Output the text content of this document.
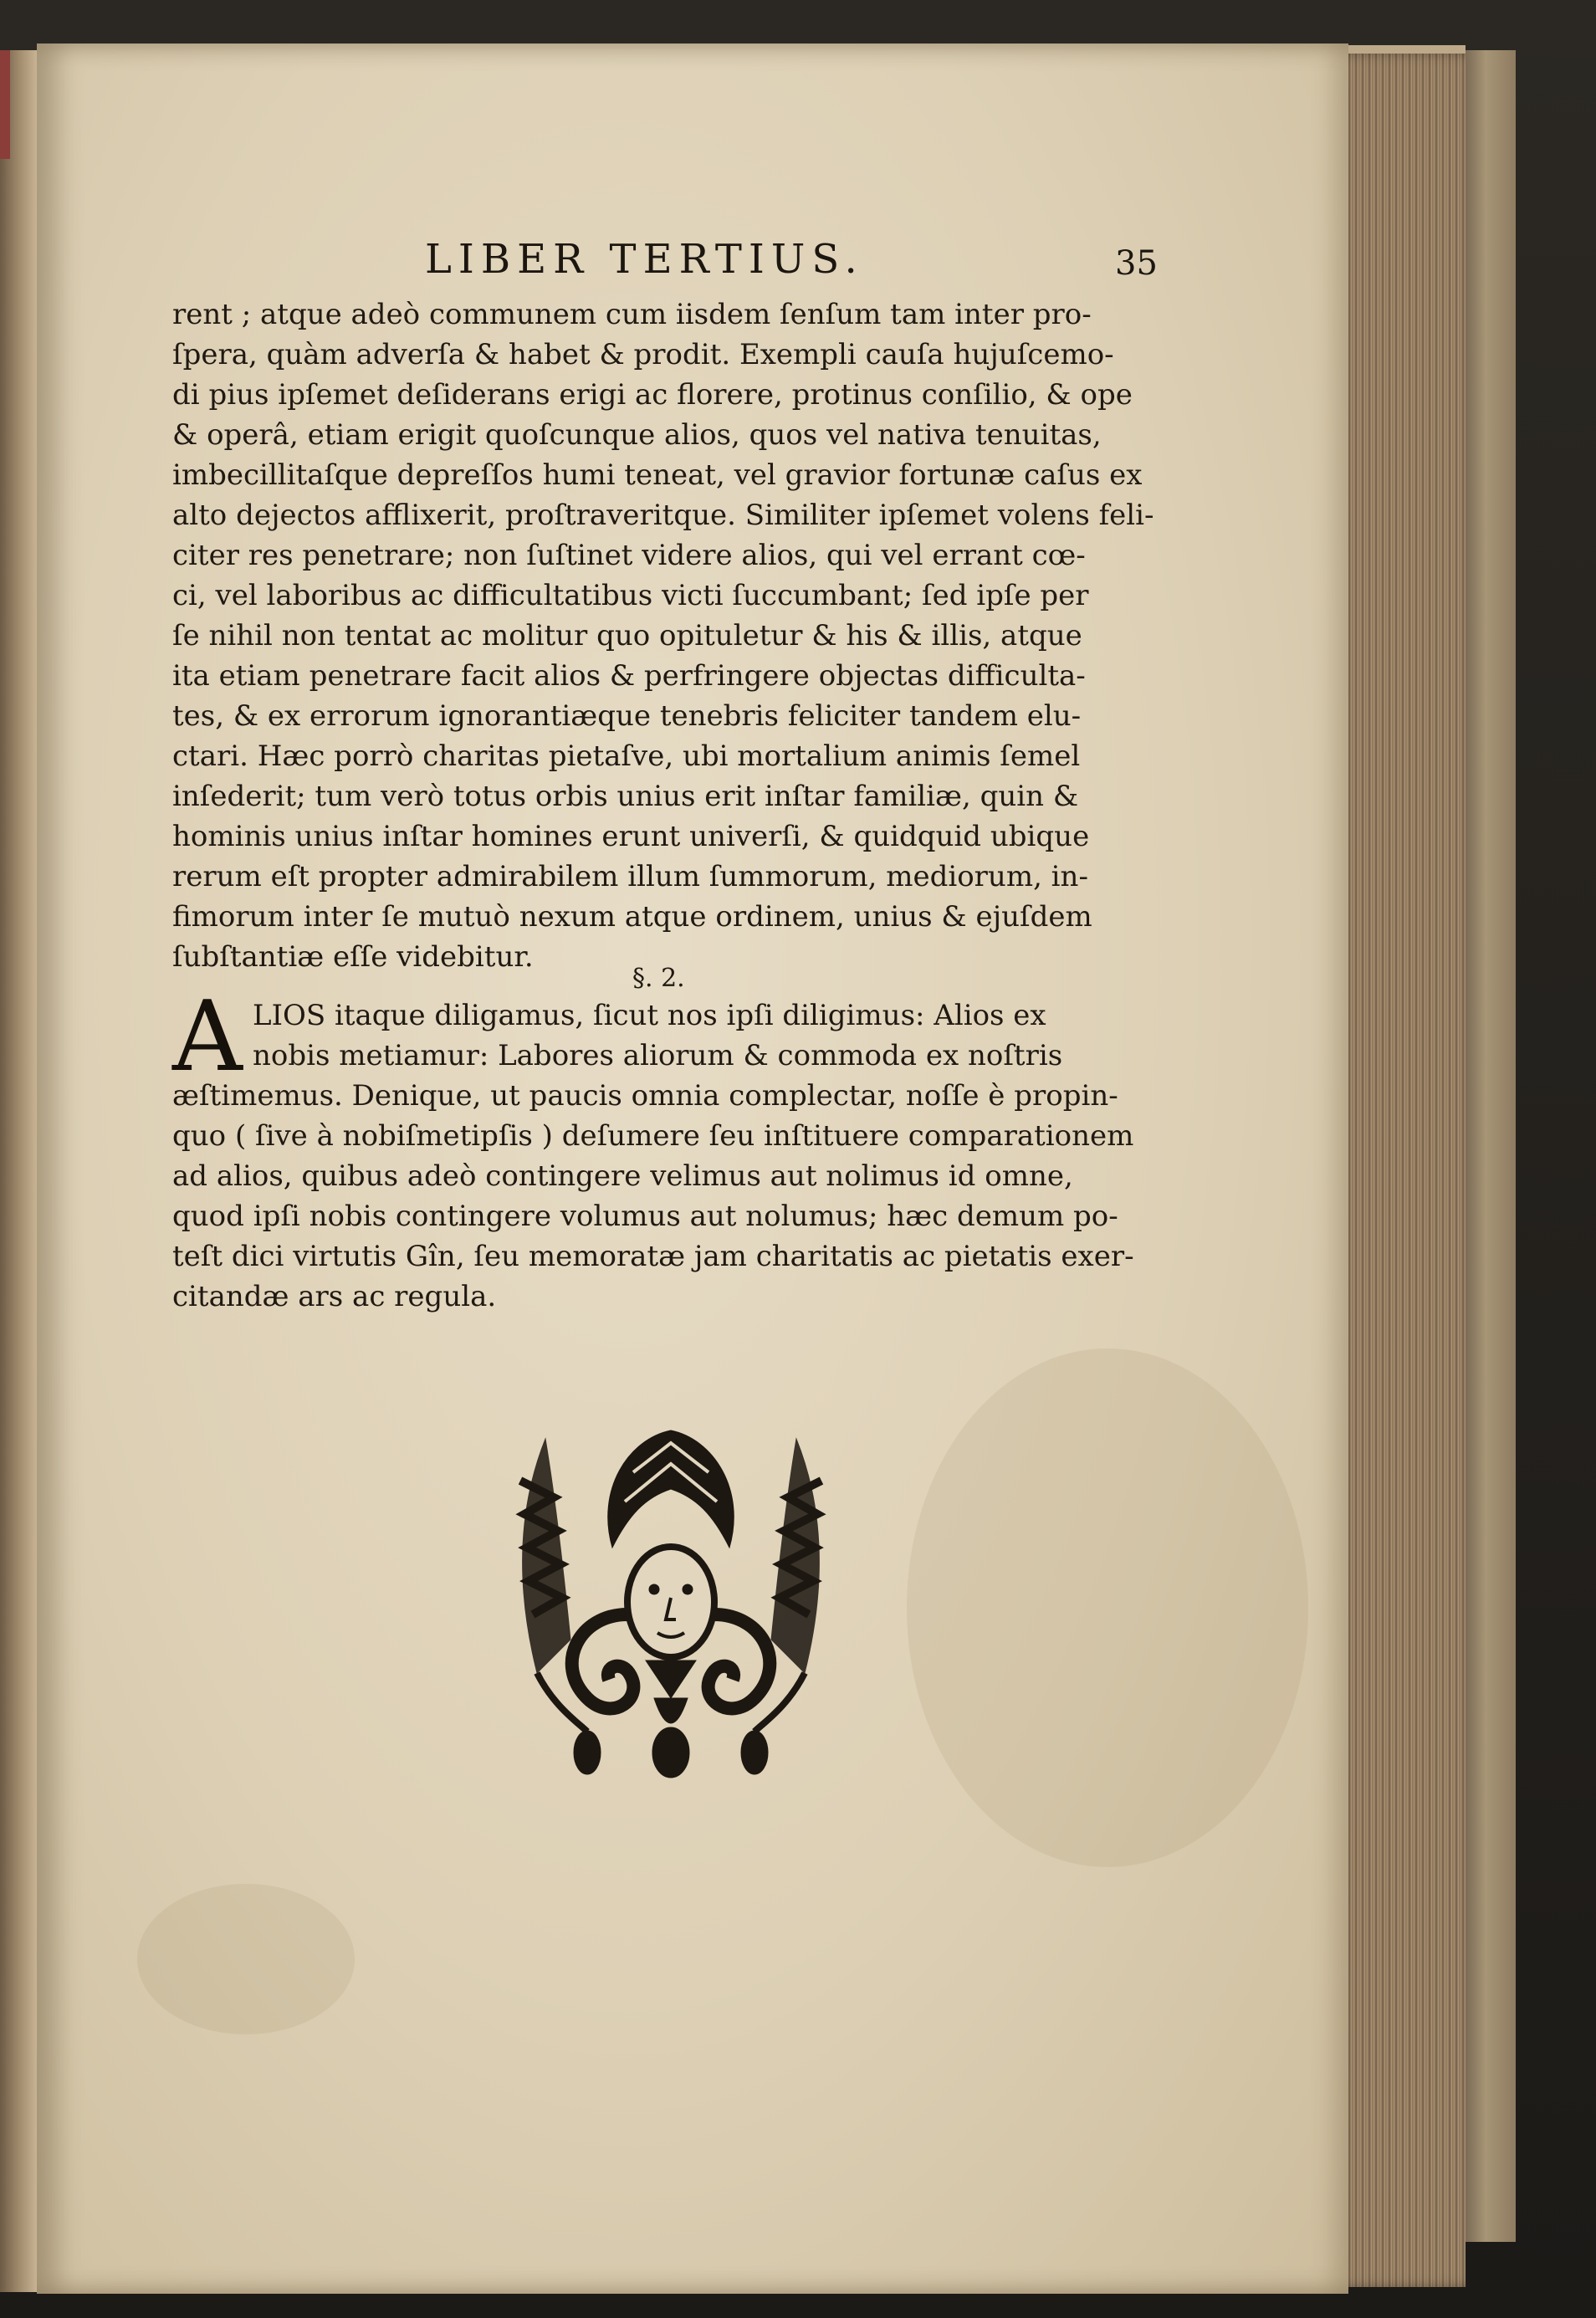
LIBER TERTIUS.	35
rent ; atque adeò communem cum iisdem ſenſum tam inter pro-
ſpera, quàm adverſa & habet & prodit. Exempli cauſa hujuſcemo-
di pius ipſemet deſiderans erigi ac florere, protinus conſilio, & ope
& operâ, etiam erigit quoſcunque alios, quos vel nativa tenuitas,
imbecillitaſque depreſſos humi teneat, vel gravior fortunæ caſus ex
alto dejectos afflixerit, proſtraveritque. Similiter ipſemet volens feli-
citer res penetrare; non ſuſtinet videre alios, qui vel errant cœ-
ci, vel laboribus ac difficultatibus victi ſuccumbant; ſed ipſe per
ſe nihil non tentat ac molitur quo opituletur & his & illis, atque
ita etiam penetrare facit alios & perfringere objectas difficulta-
tes, & ex errorum ignorantiæque tenebris feliciter tandem elu-
ctari. Hæc porrò charitas pietaſve, ubi mortalium animis ſemel
inſederit; tum verò totus orbis unius erit inſtar familiæ, quin &
hominis unius inſtar homines erunt univerſi, & quidquid ubique
rerum eſt propter admirabilem illum ſummorum, mediorum, in-
fimorum inter ſe mutuò nexum atque ordinem, unius & ejuſdem
ſubſtantiæ eſſe videbitur.
§. 2.
A LIOS itaque diligamus, ſicut nos ipſi diligimus: Alios ex
nobis metiamur: Labores aliorum & commoda ex noſtris
æſtimemus. Denique, ut paucis omnia complectar, noſſe è propin-
quo ( ſive à nobiſmetipſis ) deſumere ſeu inſtituere comparationem
ad alios, quibus adeò contingere velimus aut nolimus id omne,
quod ipſi nobis contingere volumus aut nolumus; hæc demum po-
teſt dici virtutis Gîn, ſeu memoratæ jam charitatis ac pietatis exer-
citandæ ars ac regula.
